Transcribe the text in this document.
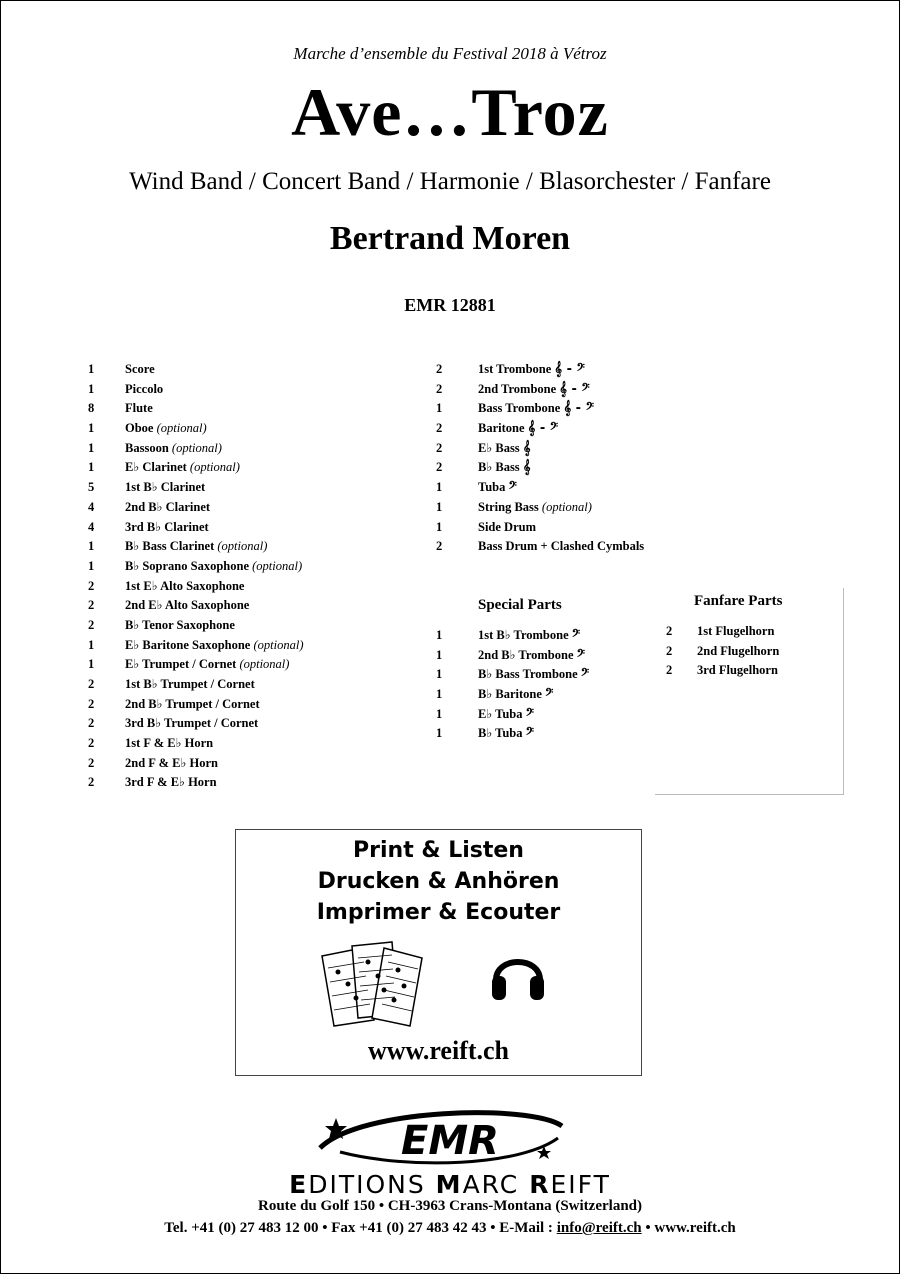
Marche d’ensemble du Festival 2018 à Vétroz
Ave…Troz
Wind Band / Concert Band / Harmonie / Blasorchester / Fanfare
Bertrand Moren
EMR 12881
1 Score
1 Piccolo
8 Flute
1 Oboe (optional)
1 Bassoon (optional)
1 E♭ Clarinet (optional)
5 1st B♭ Clarinet
4 2nd B♭ Clarinet
4 3rd B♭ Clarinet
1 B♭ Bass Clarinet (optional)
1 B♭ Soprano Saxophone (optional)
2 1st E♭ Alto Saxophone
2 2nd E♭ Alto Saxophone
2 B♭ Tenor Saxophone
1 E♭ Baritone Saxophone (optional)
1 E♭ Trumpet / Cornet (optional)
2 1st B♭ Trumpet / Cornet
2 2nd B♭ Trumpet / Cornet
2 3rd B♭ Trumpet / Cornet
2 1st F & E♭ Horn
2 2nd F & E♭ Horn
2 3rd F & E♭ Horn
2	1st Trombone 𝄞 - 𝄢
2	2nd Trombone 𝄞 - 𝄢
1	Bass Trombone 𝄞 - 𝄢
2	Baritone 𝄞 - 𝄢
2	E♭ Bass 𝄞
2	B♭ Bass 𝄞
1	Tuba 𝄢
1	String Bass (optional)
1	Side Drum
2	Bass Drum + Clashed Cymbals
Special Parts
1	1st B♭ Trombone 𝄢
1	2nd B♭ Trombone 𝄢
1	B♭ Bass Trombone 𝄢
1	B♭ Baritone 𝄢
1	E♭ Tuba 𝄢
1	B♭ Tuba 𝄢
Fanfare Parts
2 1st Flugelhorn
2 2nd Flugelhorn
2 3rd Flugelhorn
Print & Listen
Drucken & Anhören
Imprimer & Ecouter
www.reift.ch
EMR
EDITIONS MARC REIFT
Route du Golf 150 • CH-3963 Crans-Montana (Switzerland)
Tel. +41 (0) 27 483 12 00 • Fax +41 (0) 27 483 42 43 • E-Mail : info@reift.ch • www.reift.ch
